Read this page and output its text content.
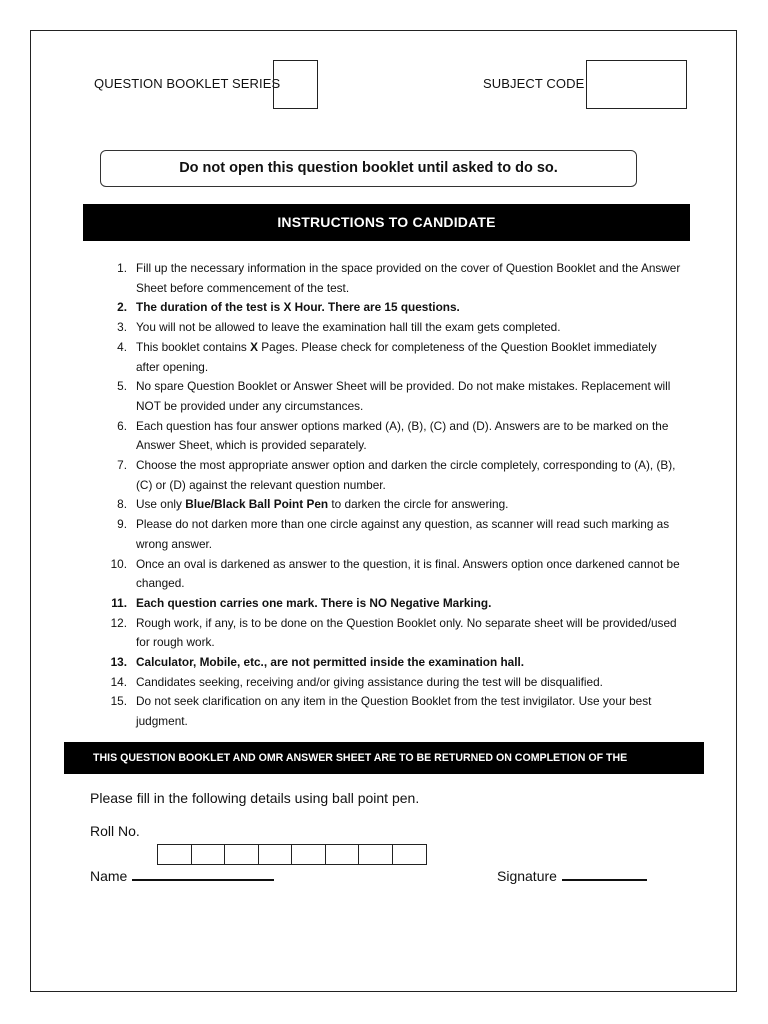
QUESTION BOOKLET SERIES	SUBJECT CODE
Do not open this question booklet until asked to do so.
INSTRUCTIONS TO CANDIDATE
1. Fill up the necessary information in the space provided on the cover of Question Booklet and the Answer Sheet before commencement of the test.
2. The duration of the test is X Hour. There are 15 questions.
3. You will not be allowed to leave the examination hall till the exam gets completed.
4. This booklet contains X Pages. Please check for completeness of the Question Booklet immediately after opening.
5. No spare Question Booklet or Answer Sheet will be provided. Do not make mistakes. Replacement will NOT be provided under any circumstances.
6. Each question has four answer options marked (A), (B), (C) and (D). Answers are to be marked on the Answer Sheet, which is provided separately.
7. Choose the most appropriate answer option and darken the circle completely, corresponding to (A), (B), (C) or (D) against the relevant question number.
8. Use only Blue/Black Ball Point Pen to darken the circle for answering.
9. Please do not darken more than one circle against any question, as scanner will read such marking as wrong answer.
10. Once an oval is darkened as answer to the question, it is final. Answers option once darkened cannot be changed.
11. Each question carries one mark. There is NO Negative Marking.
12. Rough work, if any, is to be done on the Question Booklet only. No separate sheet will be provided/used for rough work.
13. Calculator, Mobile, etc., are not permitted inside the examination hall.
14. Candidates seeking, receiving and/or giving assistance during the test will be disqualified.
15. Do not seek clarification on any item in the Question Booklet from the test invigilator. Use your best judgment.
THIS QUESTION BOOKLET AND OMR ANSWER SHEET ARE TO BE RETURNED ON COMPLETION OF THE
Please fill in the following details using ball point pen.
Roll No.
Name	Signature
